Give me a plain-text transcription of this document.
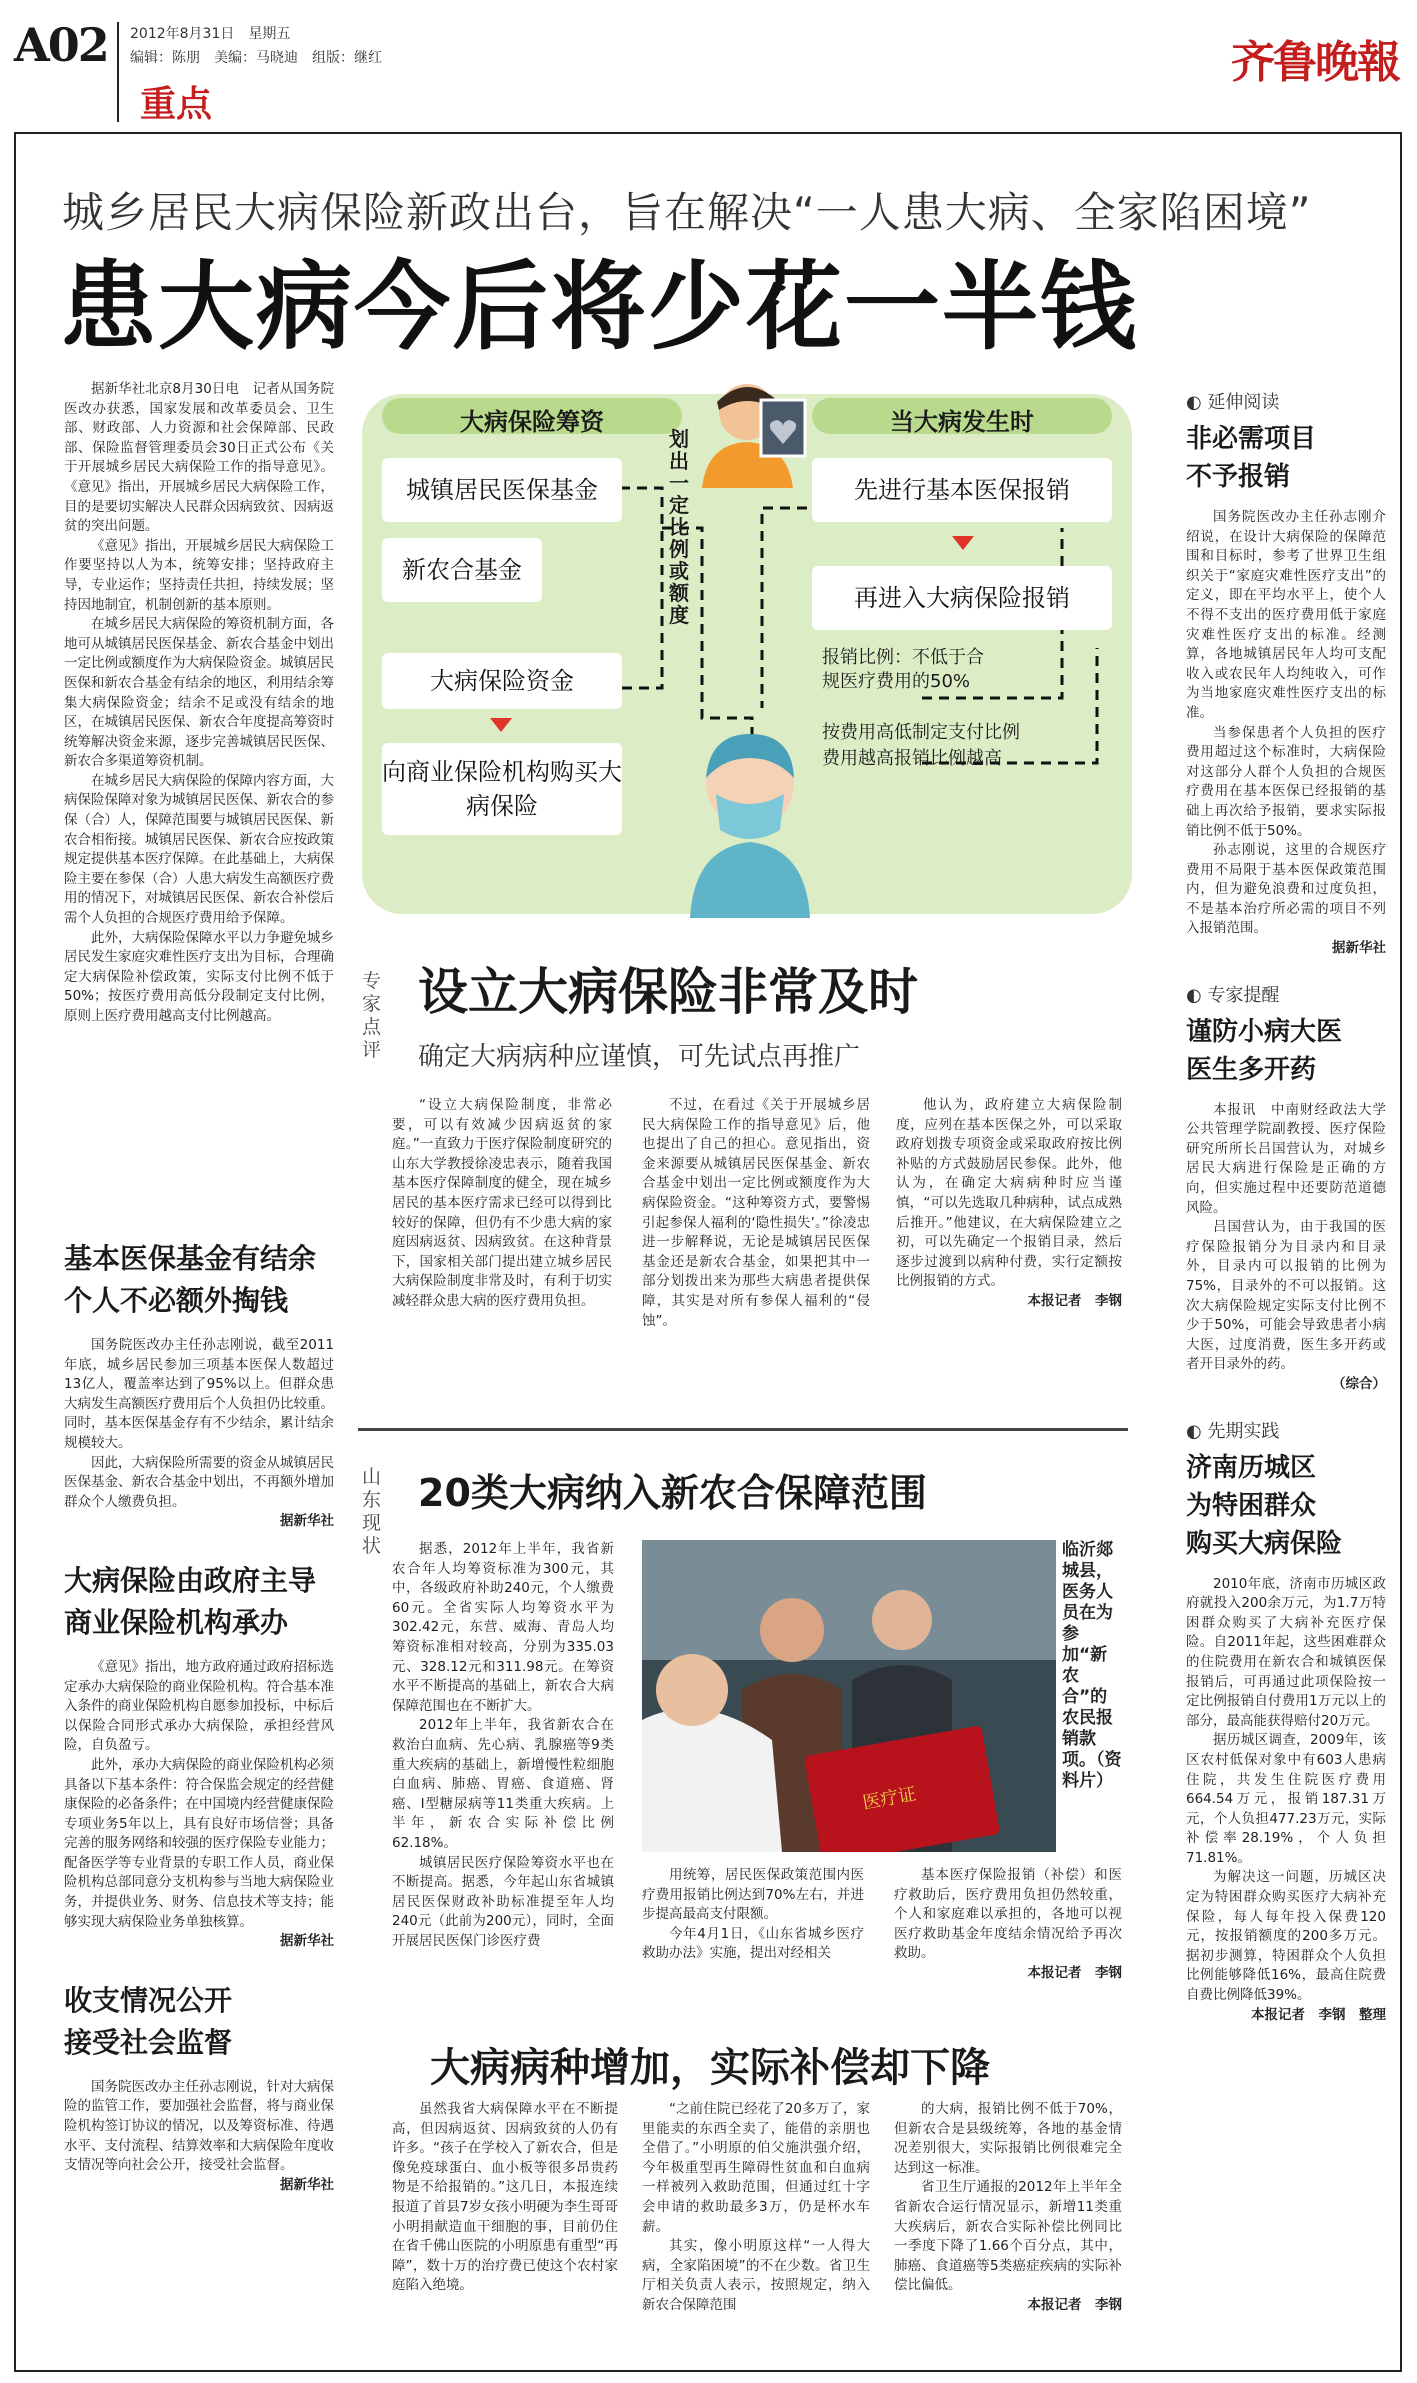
A02 2012年8月31日　星期五
编辑：陈朋　美编：马晓迪　组版：继红
重点
齐鲁晚報
城乡居民大病保险新政出台，旨在解决“一人患大病、全家陷困境”
患大病今后将少花一半钱

据新华社北京8月30日电　记者从国务院医改办获悉，国家发展和改革委员会、卫生部、财政部、人力资源和社会保障部、民政部、保险监督管理委员会30日正式公布《关于开展城乡居民大病保险工作的指导意见》。《意见》指出，开展城乡居民大病保险工作，目的是要切实解决人民群众因病致贫、因病返贫的突出问题。

《意见》指出，开展城乡居民大病保险工作要坚持以人为本，统筹安排；坚持政府主导，专业运作；坚持责任共担，持续发展；坚持因地制宜，机制创新的基本原则。

在城乡居民大病保险的筹资机制方面，各地可从城镇居民医保基金、新农合基金中划出一定比例或额度作为大病保险资金。城镇居民医保和新农合基金有结余的地区，利用结余筹集大病保险资金；结余不足或没有结余的地区，在城镇居民医保、新农合年度提高筹资时统筹解决资金来源，逐步完善城镇居民医保、新农合多渠道筹资机制。

在城乡居民大病保险的保障内容方面，大病保险保障对象为城镇居民医保、新农合的参保（合）人，保障范围要与城镇居民医保、新农合相衔接。城镇居民医保、新农合应按政策规定提供基本医疗保障。在此基础上，大病保险主要在参保（合）人患大病发生高额医疗费用的情况下，对城镇居民医保、新农合补偿后需个人负担的合规医疗费用给予保障。

此外，大病保险保障水平以力争避免城乡居民发生家庭灾难性医疗支出为目标，合理确定大病保险补偿政策，实际支付比例不低于50%；按医疗费用高低分段制定支付比例，原则上医疗费用越高支付比例越高。

基本医保基金有结余
个人不必额外掏钱

国务院医改办主任孙志刚说，截至2011年底，城乡居民参加三项基本医保人数超过13亿人，覆盖率达到了95%以上。但群众患大病发生高额医疗费用后个人负担仍比较重。同时，基本医保基金存有不少结余，累计结余规模较大。

因此，大病保险所需要的资金从城镇居民医保基金、新农合基金中划出，不再额外增加群众个人缴费负担。

据新华社
大病保险由政府主导
商业保险机构承办

《意见》指出，地方政府通过政府招标选定承办大病保险的商业保险机构。符合基本准入条件的商业保险机构自愿参加投标，中标后以保险合同形式承办大病保险，承担经营风险，自负盈亏。

此外，承办大病保险的商业保险机构必须具备以下基本条件：符合保监会规定的经营健康保险的必备条件；在中国境内经营健康保险专项业务5年以上，具有良好市场信誉；具备完善的服务网络和较强的医疗保险专业能力；配备医学等专业背景的专职工作人员，商业保险机构总部同意分支机构参与当地大病保险业务，并提供业务、财务、信息技术等支持；能够实现大病保险业务单独核算。

据新华社
收支情况公开
接受社会监督

国务院医改办主任孙志刚说，针对大病保险的监管工作，要加强社会监督，将与商业保险机构签订协议的情况，以及筹资标准、待遇水平、支付流程、结算效率和大病保险年度收支情况等向社会公开，接受社会监督。

据新华社
大病保险筹资	当大病发生时
城镇居民医保基金
新农合基金
大病保险资金
向商业保险机构购买大病保险
划出一定比例或额度
先进行基本医保报销
再进入大病保险报销
报销比例：不低于合规医疗费用的50%
按费用高低制定支付比例费用越高报销比例越高
专家点评
设立大病保险非常及时
确定大病病种应谨慎，可先试点再推广

“设立大病保险制度，非常必要，可以有效减少因病返贫的家庭。”一直致力于医疗保险制度研究的山东大学教授徐凌忠表示，随着我国基本医疗保障制度的健全，现在城乡居民的基本医疗需求已经可以得到比较好的保障，但仍有不少患大病的家庭因病返贫、因病致贫。在这种背景下，国家相关部门提出建立城乡居民大病保险制度非常及时，有利于切实减轻群众患大病的医疗费用负担。

不过，在看过《关于开展城乡居民大病保险工作的指导意见》后，他也提出了自己的担心。意见指出，资金来源要从城镇居民医保基金、新农合基金中划出一定比例或额度作为大病保险资金。“这种筹资方式，要警惕引起参保人福利的‘隐性损失’。”徐凌忠进一步解释说，无论是城镇居民医保基金还是新农合基金，如果把其中一部分划拨出来为那些大病患者提供保障，其实是对所有参保人福利的“侵蚀”。

他认为，政府建立大病保险制度，应列在基本医保之外，可以采取政府划拨专项资金或采取政府按比例补贴的方式鼓励居民参保。此外，他认为，在确定大病病种时应当谨慎，“可以先选取几种病种，试点成熟后推开。”他建议，在大病保险建立之初，可以先确定一个报销目录，然后逐步过渡到以病种付费，实行定额按比例报销的方式。

本报记者　李钢
山东现状
20类大病纳入新农合保障范围

据悉，2012年上半年，我省新农合年人均筹资标准为300元，其中，各级政府补助240元，个人缴费60元。全省实际人均筹资水平为302.42元，东营、威海、青岛人均筹资标准相对较高，分别为335.03元、328.12元和311.98元。在筹资水平不断提高的基础上，新农合大病保障范围也在不断扩大。

2012年上半年，我省新农合在救治白血病、先心病、乳腺癌等9类重大疾病的基础上，新增慢性粒细胞白血病、肺癌、胃癌、食道癌、肾癌、I型糖尿病等11类重大疾病。上半年，新农合实际补偿比例62.18%。

城镇居民医疗保险筹资水平也在不断提高。据悉，今年起山东省城镇居民医保财政补助标准提至年人均240元（此前为200元），同时，全面开展居民医保门诊医疗费

医疗证
临沂郯城县，医务人员在为参加“新农合”的农民报销款项。（资料片）

用统筹，居民医保政策范围内医疗费用报销比例达到70%左右，并进步提高最高支付限额。

今年4月1日，《山东省城乡医疗救助办法》实施，提出对经相关

基本医疗保险报销（补偿）和医疗救助后，医疗费用负担仍然较重，个人和家庭难以承担的，各地可以视医疗救助基金年度结余情况给予再次救助。

本报记者　李钢
大病病种增加，实际补偿却下降

虽然我省大病保障水平在不断提高，但因病返贫、因病致贫的人仍有许多。“孩子在学校入了新农合，但是像免疫球蛋白、血小板等很多昂贵药物是不给报销的。”这几日，本报连续报道了首县7岁女孩小明硬为李生哥哥小明捐献造血干细胞的事，目前仍住在省千佛山医院的小明原患有重型“再障”，数十万的治疗费已使这个农村家庭陷入绝境。

“之前住院已经花了20多万了，家里能卖的东西全卖了，能借的亲朋也全借了。”小明原的伯父施洪强介绍，今年极重型再生障碍性贫血和白血病一样被列入救助范围，但通过红十字会申请的救助最多3万，仍是杯水车薪。

其实，像小明原这样“一人得大病，全家陷困境”的不在少数。省卫生厅相关负责人表示，按照规定，纳入新农合保障范围

的大病，报销比例不低于70%，但新农合是县级统筹，各地的基金情况差别很大，实际报销比例很难完全达到这一标准。

省卫生厅通报的2012年上半年全省新农合运行情况显示，新增11类重大疾病后，新农合实际补偿比例同比一季度下降了1.66个百分点，其中，肺癌、食道癌等5类癌症疾病的实际补偿比偏低。

本报记者　李钢
◐ 延伸阅读
非必需项目
不予报销

国务院医改办主任孙志刚介绍说，在设计大病保险的保障范围和目标时，参考了世界卫生组织关于“家庭灾难性医疗支出”的定义，即在平均水平上，使个人不得不支出的医疗费用低于家庭灾难性医疗支出的标准。经测算，各地城镇居民年人均可支配收入或农民年人均纯收入，可作为当地家庭灾难性医疗支出的标准。

当参保患者个人负担的医疗费用超过这个标准时，大病保险对这部分人群个人负担的合规医疗费用在基本医保已经报销的基础上再次给予报销，要求实际报销比例不低于50%。

孙志刚说，这里的合规医疗费用不局限于基本医保政策范围内，但为避免浪费和过度负担，不是基本治疗所必需的项目不列入报销范围。

据新华社
◐ 专家提醒
谨防小病大医
医生多开药

本报讯　中南财经政法大学公共管理学院副教授、医疗保险研究所所长吕国营认为，对城乡居民大病进行保险是正确的方向，但实施过程中还要防范道德风险。

吕国营认为，由于我国的医疗保险报销分为目录内和目录外，目录内可以报销的比例为75%，目录外的不可以报销。这次大病保险规定实际支付比例不少于50%，可能会导致患者小病大医，过度消费，医生多开药或者开目录外的药。

（综合）
◐ 先期实践
济南历城区
为特困群众
购买大病保险

2010年底，济南市历城区政府就投入200余万元，为1.7万特困群众购买了大病补充医疗保险。自2011年起，这些困难群众的住院费用在新农合和城镇医保报销后，可再通过此项保险按一定比例报销自付费用1万元以上的部分，最高能获得赔付20万元。

据历城区调查，2009年，该区农村低保对象中有603人患病住院，共发生住院医疗费用664.54万元，报销187.31万元，个人负担477.23万元，实际补偿率28.19%，个人负担71.81%。

为解决这一问题，历城区决定为特困群众购买医疗大病补充保险，每人每年投入保费120元，按报销额度的200多万元。据初步测算，特困群众个人负担比例能够降低16%，最高住院费自费比例降低39%。

本报记者　李钢　整理
